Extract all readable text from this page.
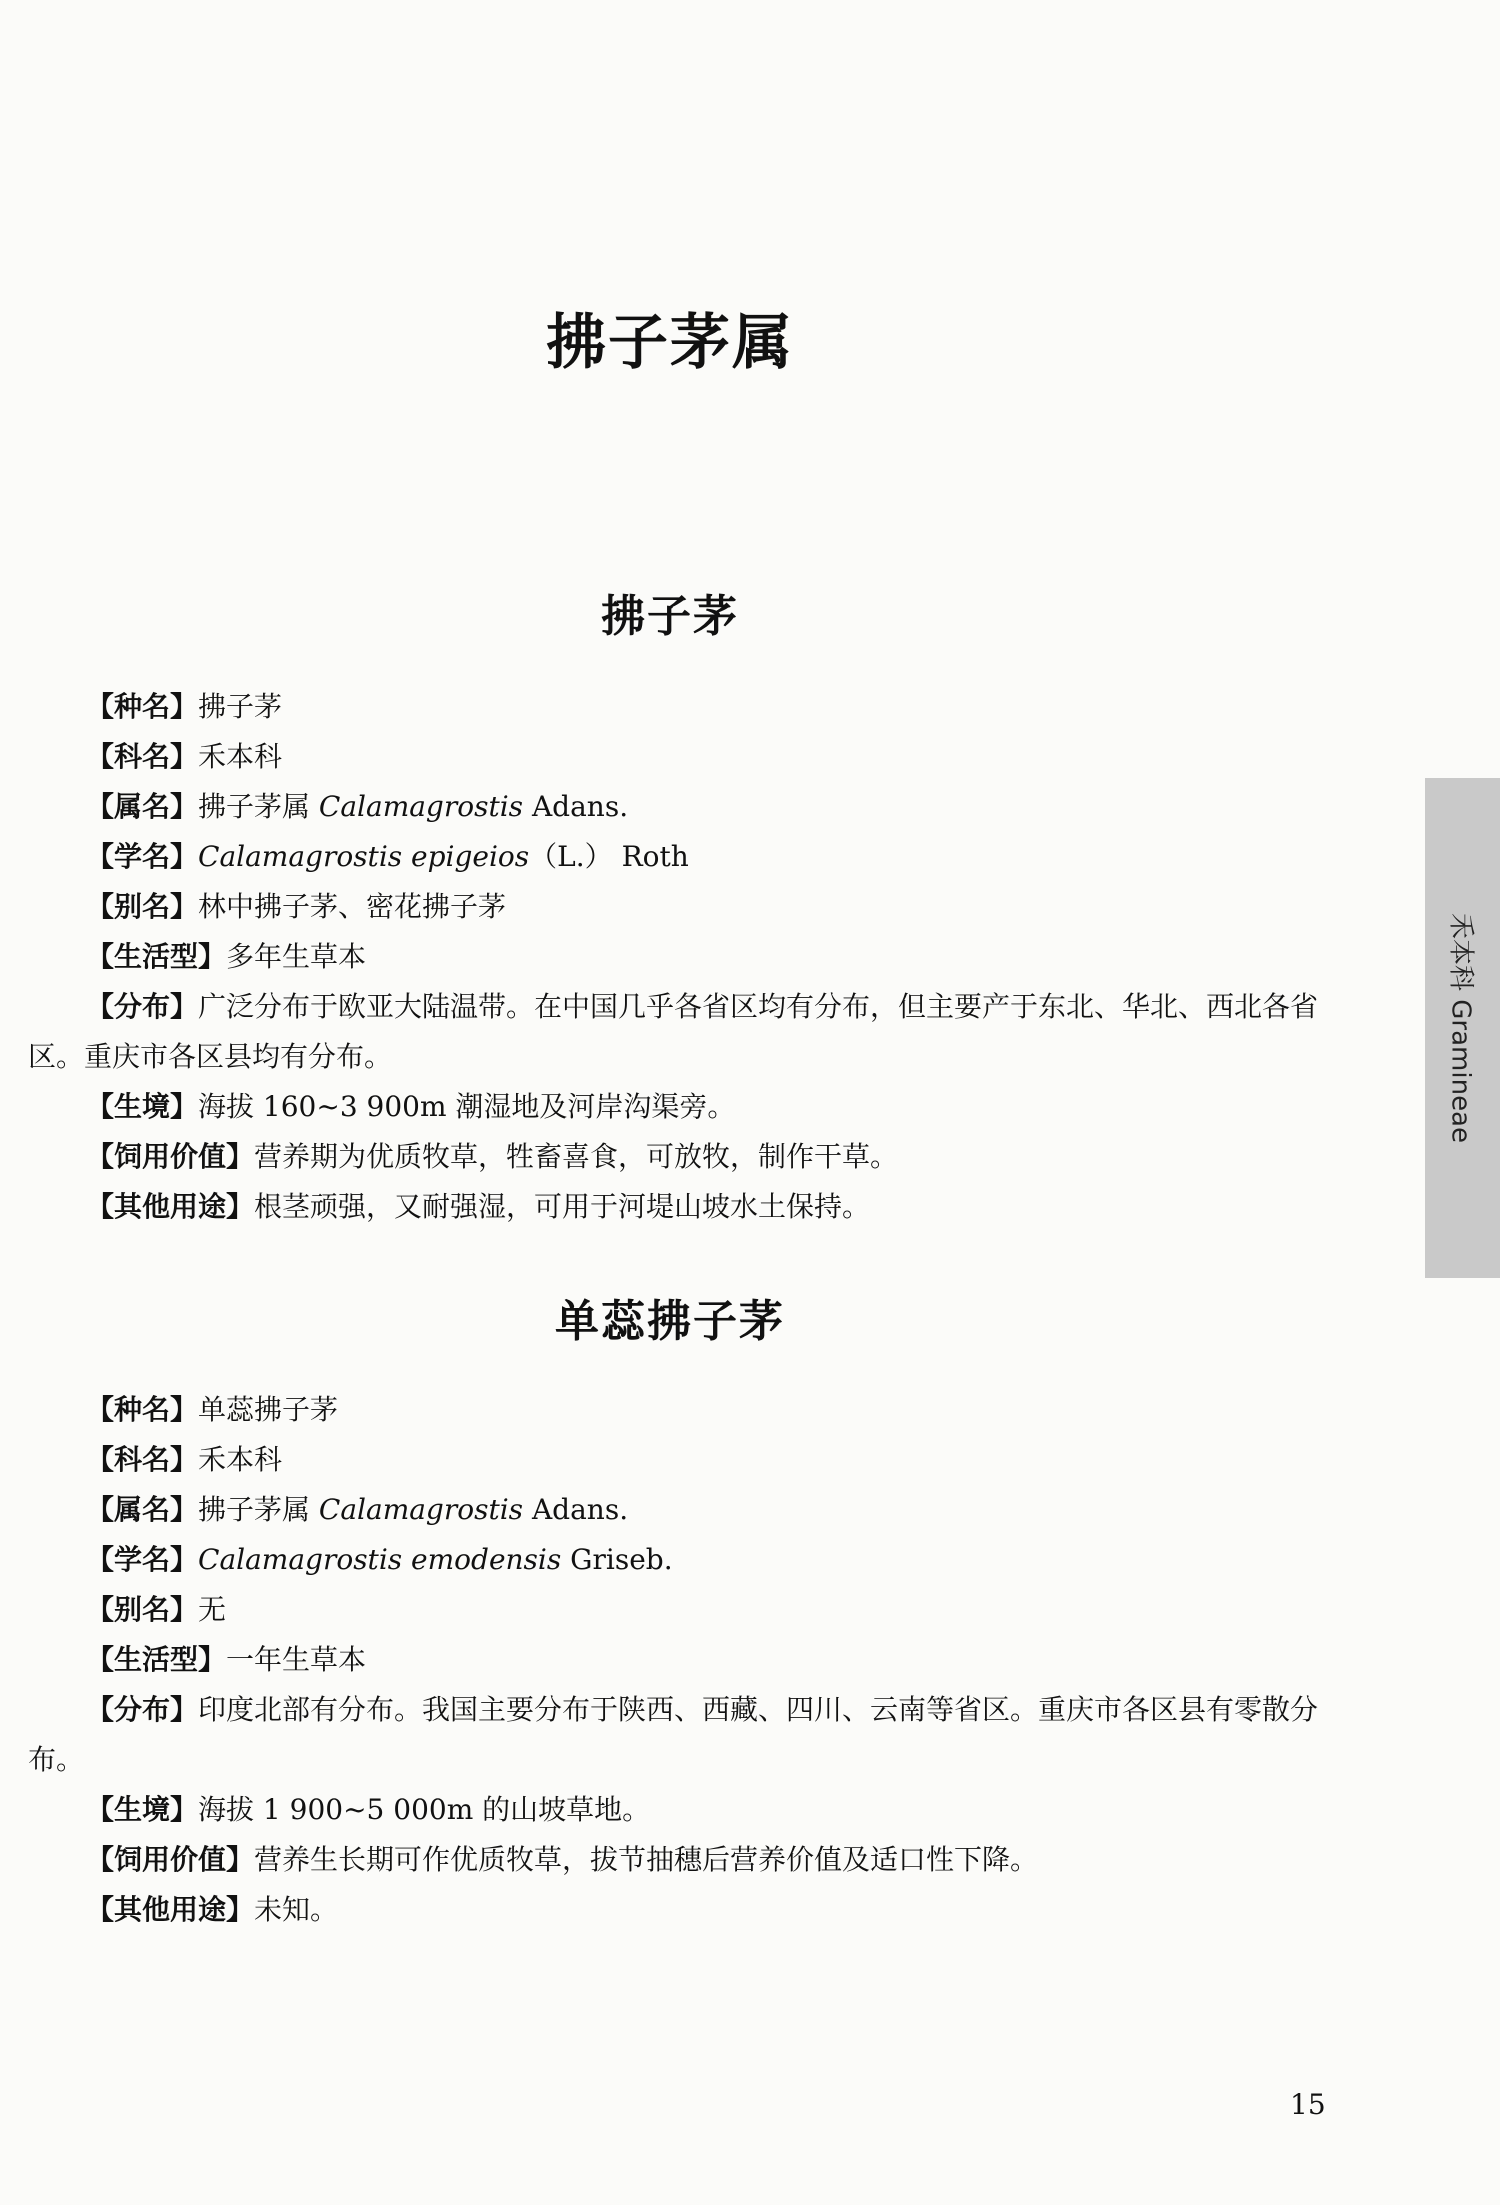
拂子茅属
拂子茅

【种名】拂子茅

【科名】禾本科

【属名】拂子茅属 Calamagrostis Adans.

【学名】Calamagrostis epigeios（L.） Roth

【别名】林中拂子茅、密花拂子茅

【生活型】多年生草本

【分布】广泛分布于欧亚大陆温带。在中国几乎各省区均有分布，但主要产于东北、华北、西北各省区。重庆市各区县均有分布。

【生境】海拔 160~3 900m 潮湿地及河岸沟渠旁。

【饲用价值】营养期为优质牧草，牲畜喜食，可放牧，制作干草。

【其他用途】根茎顽强，又耐强湿，可用于河堤山坡水土保持。

单蕊拂子茅

【种名】单蕊拂子茅

【科名】禾本科

【属名】拂子茅属 Calamagrostis Adans.

【学名】Calamagrostis emodensis Griseb.

【别名】无

【生活型】一年生草本

【分布】印度北部有分布。我国主要分布于陕西、西藏、四川、云南等省区。重庆市各区县有零散分布。

【生境】海拔 1 900~5 000m 的山坡草地。

【饲用价值】营养生长期可作优质牧草，拔节抽穗后营养价值及适口性下降。

【其他用途】未知。

禾本科 Gramineae
15
